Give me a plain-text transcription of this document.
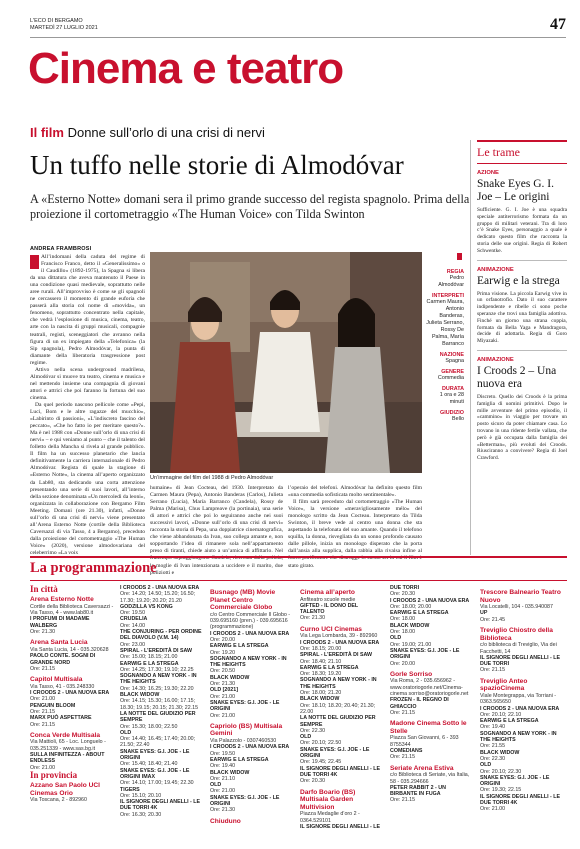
L'ECO DI BERGAMO
MARTEDÌ 27 LUGLIO 2021	47
Cinema e teatro
Il film Donne sull’orlo di una crisi di nervi
Un tuffo nelle storie di Almodóvar
A «Esterno Notte» domani sera il primo grande successo del regista spagnolo. Prima della proiezione il cortometraggio «The Human Voice» con Tilda Swinton
ANDREA FRAMBROSI

All’indomani della caduta del regime di Francisco Franco, detto il «Generalissimo» o il Caudillo» (1892-1975), la Spagna si libera da una dittatura che aveva mantenuto il Paese in una condizione quasi medievale, soprattutto nelle aree rurali. All’improvviso è come se gli spagnoli ne cercassero il momento di grande euforia che passerà alla storia col nome di «movida», un fenomeno, soprattutto concentrato nella capitale, che vedrà l’esplosione di musica, cinema, teatro, arte con la nascita di gruppi musicali, compagnie teatrali, registi, sceneggiatori che avranno nella figura di un ex impiegato della «Telefonica» (la Sip spagnola), Pedro Almodóvar, la punta di diamante della liberatoria trasgressione post regime.

Attivo nella scena underground madrilena, Almodóvar si muove tra teatro, cinema e musica e nel mettendo insieme una compagnia di giovani attori e attrici che poi faranno la fortuna del suo cinema.

Da quel periodo nascono pellicole come «Pepi, Luci, Bom e le altre ragazze del mucchio», «Labirinto di passioni», «L’indiscreto fascino del peccato», «Che ho fatto io per meritare questo?». Ma è nel 1988 con «Donne sull’orlo di una crisi di nervi» – e qui veniamo al punto – che il talento del folletto della Mancha si rivela al grande pubblico. Il film ha un successo planetario che lancia definitivamente la carriera internazionale di Pedro Almodóvar. Regista di quale la stagione di «Esterno Notte», la cinema all’aperto organizzato da Lab80, sta dedicando una corta attenzione presentando una serie di suoi lavori, all’interno della sezione denominata «Un mercoledì da leoni», organizzata in collaborazione con Bergamo Film Meeting. Domani (ore 21.30), infatti, «Donne sull’orlo di una crisi di nervi» viene presentato all’Arena Esterno Notte (cortile della Biblioteca Caversazzi di via Tasso, 4 a Bergamo), preceduto dalla proiezione del cortometraggio «The Human Voice» (2020), versione almodovariana del celeberrimo «La voix

Un’immagine del film del 1988 di Pedro Almodóvar

humaine» di Jean Cocteau, del 1930. Interpretato da Carmen Maura (Pepa), Antonio Banderas (Carlos), Julieta Serrano (Lucia), María Barranco (Candela), Rossy de Palma (Marisa), Chus Lampreave (la portinaia), una serie di attori e attrici che poi lo seguiranno anche nei suoi successivi lavori, «Donne sull’orlo di una crisi di nervi» racconta la storia di Pepa, una doppiatrice cinematografica, che viene abbandonata da Ivan, suo collega amante e, non sopportando l’idea di rimanere sola nell’appartamento preso di tiranti, chiede aiuto a un’amica di affittarlo. Nel frattempo sopraggiungono Candela, ricercata dalla polizia, la moglie di Ivan intenzionata a uccidere e il marito, due poliziotti e

l’operaio del telefoni. Almodóvar ha definito questo film «una commedia sofisticata molto sentimentale».

Il film sarà preceduto dal cortometraggio «The Human Voice», la versione «meravigliosamente mélo» del monologo scritto da Jean Cocteau. Interpretato da Tilda Swinton, il breve vede al centro una donna che sta aspettando la telefonata del suo amante. Quando il telefono squilla, la donna, risvegliata da un sonno profondo causato dalle pillole, inizia un monologo disperato che la porta dall’ansia alla supplica, dalla rabbia alla rivalsa infine al fuoco purificatore che distrugge lo stesso set in cui il film è stato girato.

REGIA
Pedro Almodóvar
INTERPRETI
Carmen Maura, Antonio Banderas, Julieta Serrano, Rossy De Palma, María Barranco
NAZIONE
Spagna
GENERE
Commedia
DURATA
1 ora e 28 minuti
GIUDIZIO
Bello
Le trame
AZIONE
Snake Eyes G. I. Joe – Le origini
Sufficiente. G. I. Joe è una squadra speciale antiterrorismo formata da un gruppo di militari veterani. Tra di loro c’è Snake Eyes, personaggio a quale è dedicato questo film che racconta la storia delle sue origini. Regia di Robert Schwentke.
ANIMAZIONE
Earwig e la strega
Prima visione. La piccola Earwig vive in un orfanotrofio. Dato il suo carattere indipendente e ribelle ci sono poche speranze che trovi una famiglia adottiva. Finché un giorno una strana coppia, formata da Bella Yaga e Mandragora, decide di adottarla. Regia di Goro Miyazaki.
ANIMAZIONE
I Croods 2 – Una nuova era
Discreto. Quello dei Croods è la prima famiglia di uomini primitivi. Dopo le mille avventure del primo episodio, il «cammino» in viaggio per trovare un posto sicuro da poter chiamare casa. Lo trovano in una ridente fertile vallata, che però è già occupata dalla famiglia dei «Betterman», più evoluti dei Croods. Riusciranno a convivere? Regia di Joel Crawford.
La programmazione
In città
Arena Esterno Notte
Cortile della Biblioteca Caversazzi - Via Tasso, 4 - www.lab80.it
I PROFUMI DI MADAME WALBERG
Ore: 21.30
Arena Santa Lucia
Via Santa Lucia, 14 - 035.320628
PAOLO CONTE. SOGNI DI GRANDE NORD
Ore: 21.15
Capitol Multisala
Via Tasso, 41 - 035.248330
I CROODS 2 - UNA NUOVA ERA
Ore: 21.00
PENGUIN BLOOM
Ore: 21.15
MARX PUÒ ASPETTARE
Ore: 21.15
Conca Verde Multisala
Via Mattioli, 65 - Loc. Longuelo - 035.251339 - www.sas.bg.it
SULLA INFINITEZZA - ABOUT ENDLESS
Ore: 21.00
In provincia
Azzano San Paolo UCI Cinemas Orio
Via Toscana, 2 - 892960
I CROODS 2 - UNA NUOVA ERA
Ore: 14.20; 14.50; 15.20; 16.50; 17.30; 19.20; 20.20; 21.20
GODZILLA VS KONG
Ore: 19.50
CRUDELIA
Ore: 14.00
THE CONJURING - PER ORDINE DEL DIAVOLO (V.M. 14)
Ore: 23.00
SPIRAL - L’EREDITÀ DI SAW
Ore: 15.00; 18.15; 21.00
EARWIG E LA STREGA
Ore: 14.25; 17.30; 19.10; 22.25
SOGNANDO A NEW YORK - IN THE HEIGHTS
Ore: 14.30; 16.25; 19.30; 22.20
BLACK WIDOW
Ore: 14.15; 15.30; 16.00; 17.15; 18.30; 19.15; 20.15; 21.30; 22.15
LA NOTTE DEL GIUDIZIO PER SEMPRE
Ore: 15.30; 18.00; 22.50
OLD
Ore: 14.40; 16.45; 17.40; 20.00; 21.50; 22.40
SNAKE EYES: G.I. JOE - LE ORIGINI
Ore: 15.40; 18.40; 21.40
SNAKE EYES: G.I. JOE - LE ORIGINI IMAX
Ore: 14.10; 17.00; 19.45; 22.30
TIGERS
Ore: 15.10; 20.10
IL SIGNORE DEGLI ANELLI - LE DUE TORRI 4K
Ore: 16.30; 20.30
Busnago (MB) Movie Planet Centro Commerciale Globo
c/o Centro Commerciale Il Globo - 039.695160 (pren.) - 039.695616 (programmazione)
I CROODS 2 - UNA NUOVA ERA
Ore: 20.00
EARWIG E LA STREGA
Ore: 19.20
SOGNANDO A NEW YORK - IN THE HEIGHTS
Ore: 20.50
BLACK WIDOW
Ore: 21.30
OLD [2021]
Ore: 21.00
SNAKE EYES: G.I. JOE - LE ORIGINI
Ore: 21.00
Capriolo (BS) Multisala Gemini
Via Palazzolo - 0307460530
I CROODS 2 - UNA NUOVA ERA
Ore: 19.50
EARWIG E LA STREGA
Ore: 19.40
BLACK WIDOW
Ore: 21.10
OLD
Ore: 21.00
SNAKE EYES: G.I. JOE - LE ORIGINI
Ore: 21.30
Chiuduno
Cinema all’aperto
Anfiteatro scuole medie
GIFTED - IL DONO DEL TALENTO
Ore: 21.30
Curno UCI Cinemas
Via Lega Lombarda, 39 - 892960
I CROODS 2 - UNA NUOVA ERA
Ore: 18.15; 20.00
SPIRAL - L’EREDITÀ DI SAW
Ore: 18.40; 21.10
EARWIG E LA STREGA
Ore: 18.30; 19.20
SOGNANDO A NEW YORK - IN THE HEIGHTS
Ore: 18.00; 21.20
BLACK WIDOW
Ore: 18.10; 18.20; 20.40; 21.30; 22.00
LA NOTTE DEL GIUDIZIO PER SEMPRE
Ore: 22.30
OLD
Ore: 20.10; 22.50
SNAKE EYES: G.I. JOE - LE ORIGINI
Ore: 19.45; 22.45
IL SIGNORE DEGLI ANELLI - LE DUE TORRI 4K
Ore: 20.30
Darfo Boario (BS) Multisala Garden Multivision
Piazza Medaglie d’oro 2 - 0364.529101
IL SIGNORE DEGLI ANELLI - LE
DUE TORRI
Ore: 20.30
I CROODS 2 - UNA NUOVA ERA
Ore: 18.00; 20.00
EARWIG E LA STREGA
Ore: 18.00
BLACK WIDOW
Ore: 18.00
OLD
Ore: 19.00; 21.00
SNAKE EYES: G.I. JOE - LE ORIGINI
Ore: 20.00
Gorle Sorriso
Via Roma, 2 - 035.656962 - www.oratoriogorle.net/Cinema-cinema sorriso@oratoriogorle.net
FROZEN - IL REGNO DI GHIACCIO
Ore: 21.15
Madone Cinema Sotto le Stelle
Piazza San Giovanni, 6 - 393 8755344
COMEDIANS
Ore: 21.15
Seriate Arena Estiva
c/o Biblioteca di Seriate, via Italia, 58 - 035.294666
PETER RABBIT 2 - UN BIRBANTE IN FUGA
Ore: 21.15
Trescore Balneario Teatro Nuovo
Via Locatelli, 104 - 035.940087
UP
Ore: 21.45
Treviglio Chiostro della Biblioteca
c/o biblioteca di Treviglio, Via dei Facchetti, 14
IL SIGNORE DEGLI ANELLI - LE DUE TORRI
Ore: 21.15
Treviglio Anteo spazioCinema
Viale Montegrappa, via Torriani - 0363.565650
I CROODS 2 - UNA NUOVA ERA
Ore: 20.10; 22.10
EARWIG E LA STREGA
Ore: 19.40
SOGNANDO A NEW YORK - IN THE HEIGHTS
Ore: 21.55
BLACK WIDOW
Ore: 22.30
OLD
Ore: 20.10; 22.30
SNAKE EYES: G.I. JOE - LE ORIGINI
Ore: 19.30; 22.15
IL SIGNORE DEGLI ANELLI - LE DUE TORRI 4K
Ore: 21.00
